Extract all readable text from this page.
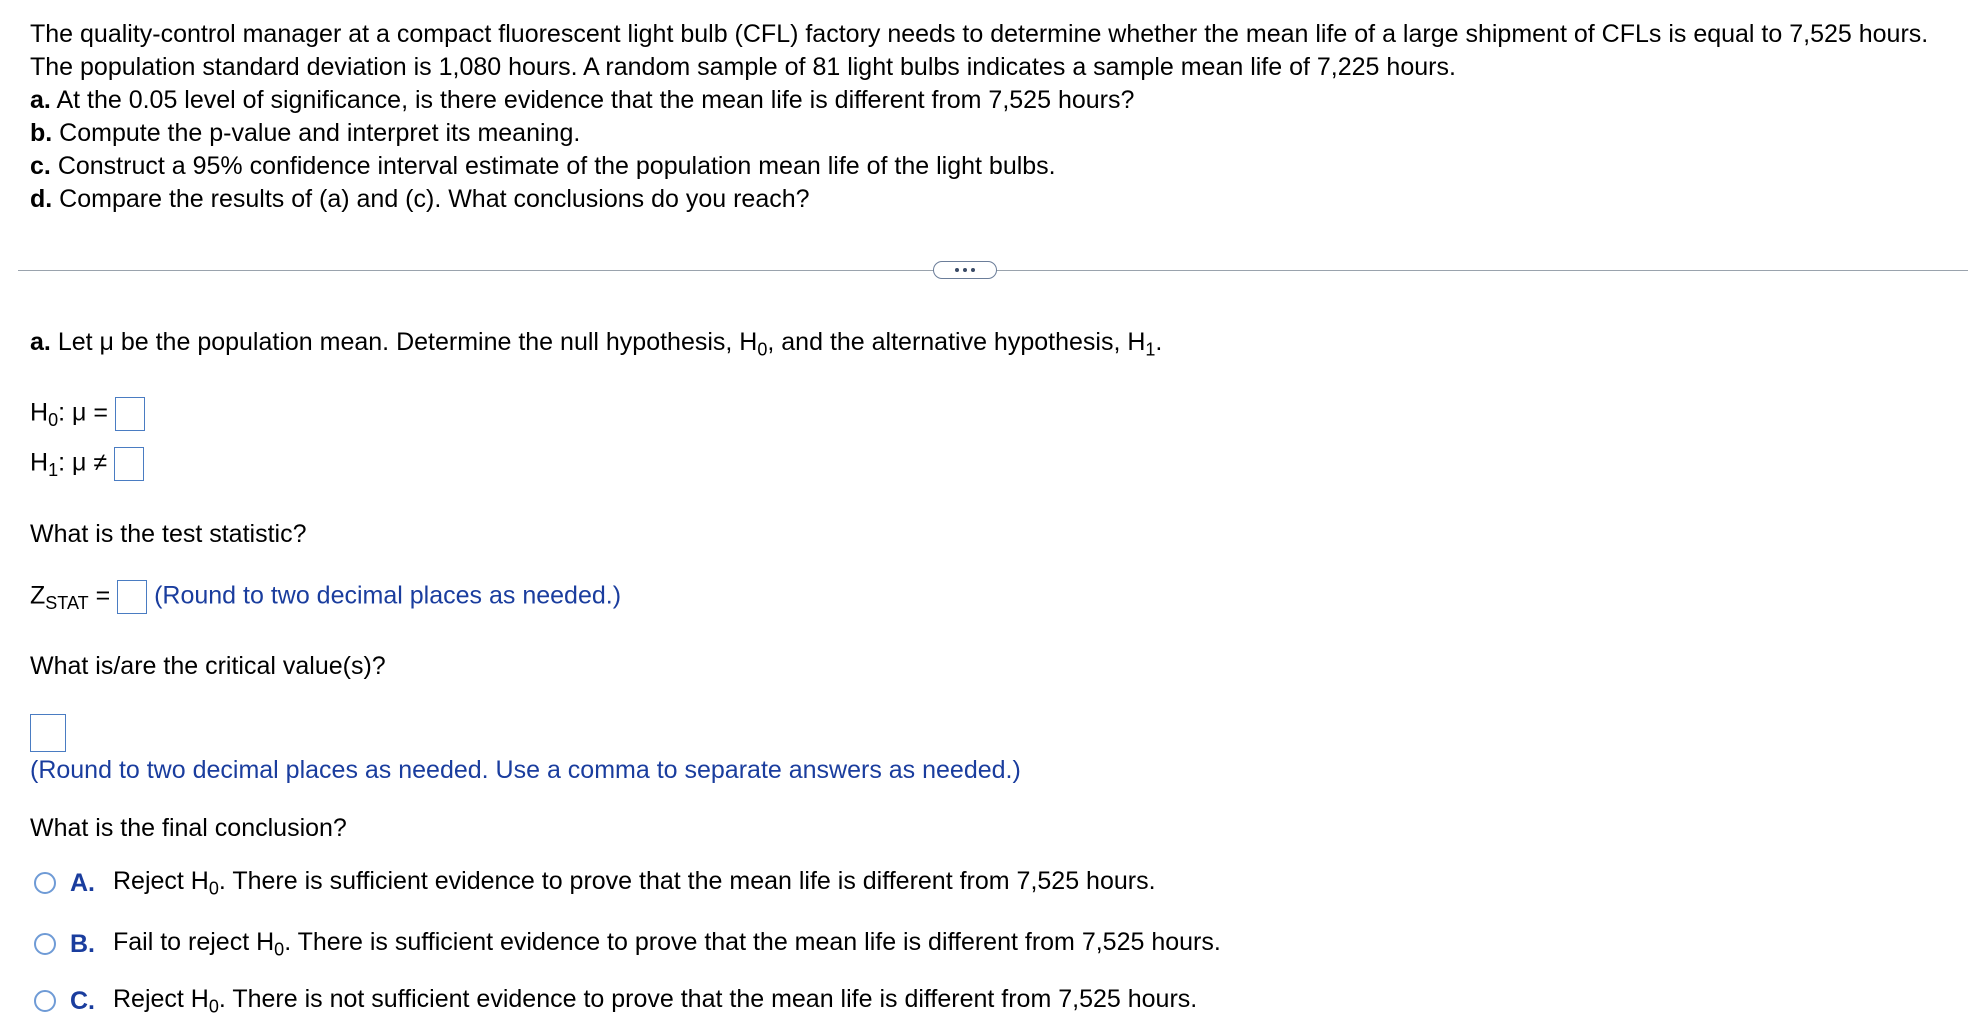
The quality-control manager at a compact fluorescent light bulb (CFL) factory needs to determine whether the mean life of a large shipment of CFLs is equal to 7,525 hours. The population standard deviation is 1,080 hours. A random sample of 81 light bulbs indicates a sample mean life of 7,225 hours.

a. At the 0.05 level of significance, is there evidence that the mean life is different from 7,525 hours?

b. Compute the p-value and interpret its meaning.

c. Construct a 95% confidence interval estimate of the population mean life of the light bulbs.

d. Compare the results of (a) and (c). What conclusions do you reach?

a. Let μ be the population mean. Determine the null hypothesis, $H_0$, and the alternative hypothesis, $H_1$.
$H_0$: μ =
$H_1$: μ ≠
What is the test statistic?
$Z_{STAT}$ = (Round to two decimal places as needed.)
What is/are the critical value(s)?
(Round to two decimal places as needed. Use a comma to separate answers as needed.)
What is the final conclusion?
A. Reject $H_0$. There is sufficient evidence to prove that the mean life is different from 7,525 hours.
B. Fail to reject $H_0$. There is sufficient evidence to prove that the mean life is different from 7,525 hours.
C. Reject $H_0$. There is not sufficient evidence to prove that the mean life is different from 7,525 hours.
